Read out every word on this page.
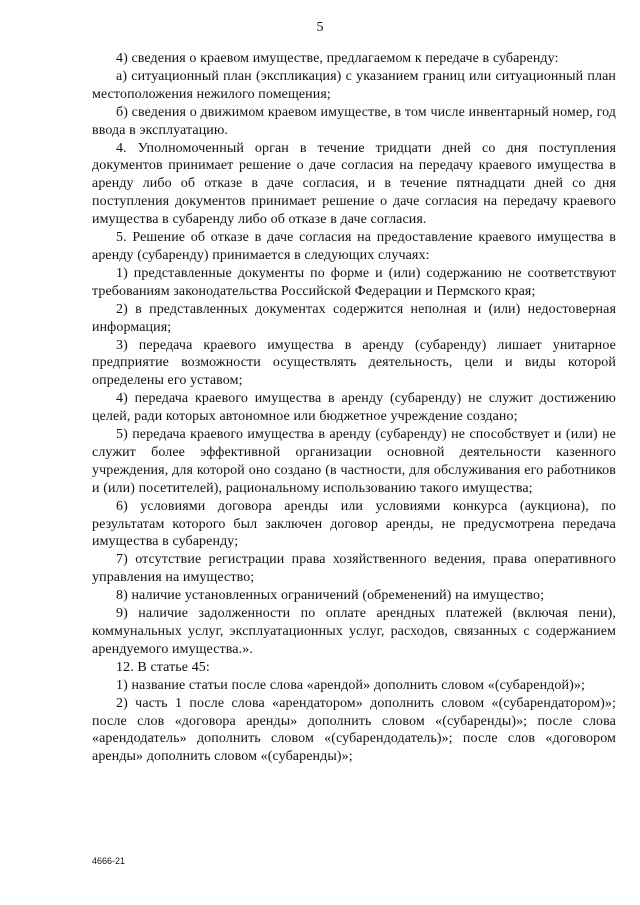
5

4) сведения о краевом имуществе, предлагаемом к передаче в субаренду:

а) ситуационный план (экспликация) с указанием границ или ситуационный план местоположения нежилого помещения;

б) сведения о движимом краевом имуществе, в том числе инвентарный номер, год ввода в эксплуатацию.

4. Уполномоченный орган в течение тридцати дней со дня поступления документов принимает решение о даче согласия на передачу краевого имущества в аренду либо об отказе в даче согласия, и в течение пятнадцати дней со дня поступления документов принимает решение о даче согласия на передачу краевого имущества в субаренду либо об отказе в даче согласия.

5. Решение об отказе в даче согласия на предоставление краевого имущества в аренду (субаренду) принимается в следующих случаях:

1) представленные документы по форме и (или) содержанию не соответствуют требованиям законодательства Российской Федерации и Пермского края;

2) в представленных документах содержится неполная и (или) недостоверная информация;

3) передача краевого имущества в аренду (субаренду) лишает унитарное предприятие возможности осуществлять деятельность, цели и виды которой определены его уставом;

4) передача краевого имущества в аренду (субаренду) не служит достижению целей, ради которых автономное или бюджетное учреждение создано;

5) передача краевого имущества в аренду (субаренду) не способствует и (или) не служит более эффективной организации основной деятельности казенного учреждения, для которой оно создано (в частности, для обслуживания его работников и (или) посетителей), рациональному использованию такого имущества;

6) условиями договора аренды или условиями конкурса (аукциона), по результатам которого был заключен договор аренды, не предусмотрена передача имущества в субаренду;

7) отсутствие регистрации права хозяйственного ведения, права оперативного управления на имущество;

8) наличие установленных ограничений (обременений) на имущество;

9) наличие задолженности по оплате арендных платежей (включая пени), коммунальных услуг, эксплуатационных услуг, расходов, связанных с содержанием арендуемого имущества.».

12. В статье 45:

1) название статьи после слова «арендой» дополнить словом «(субарендой)»;

2) часть 1 после слова «арендатором» дополнить словом «(субарендатором)»; после слов «договора аренды» дополнить словом «(субаренды)»; после слова «арендодатель» дополнить словом «(субарендодатель)»; после слов «договором аренды» дополнить словом «(субаренды)»;

4666-21
